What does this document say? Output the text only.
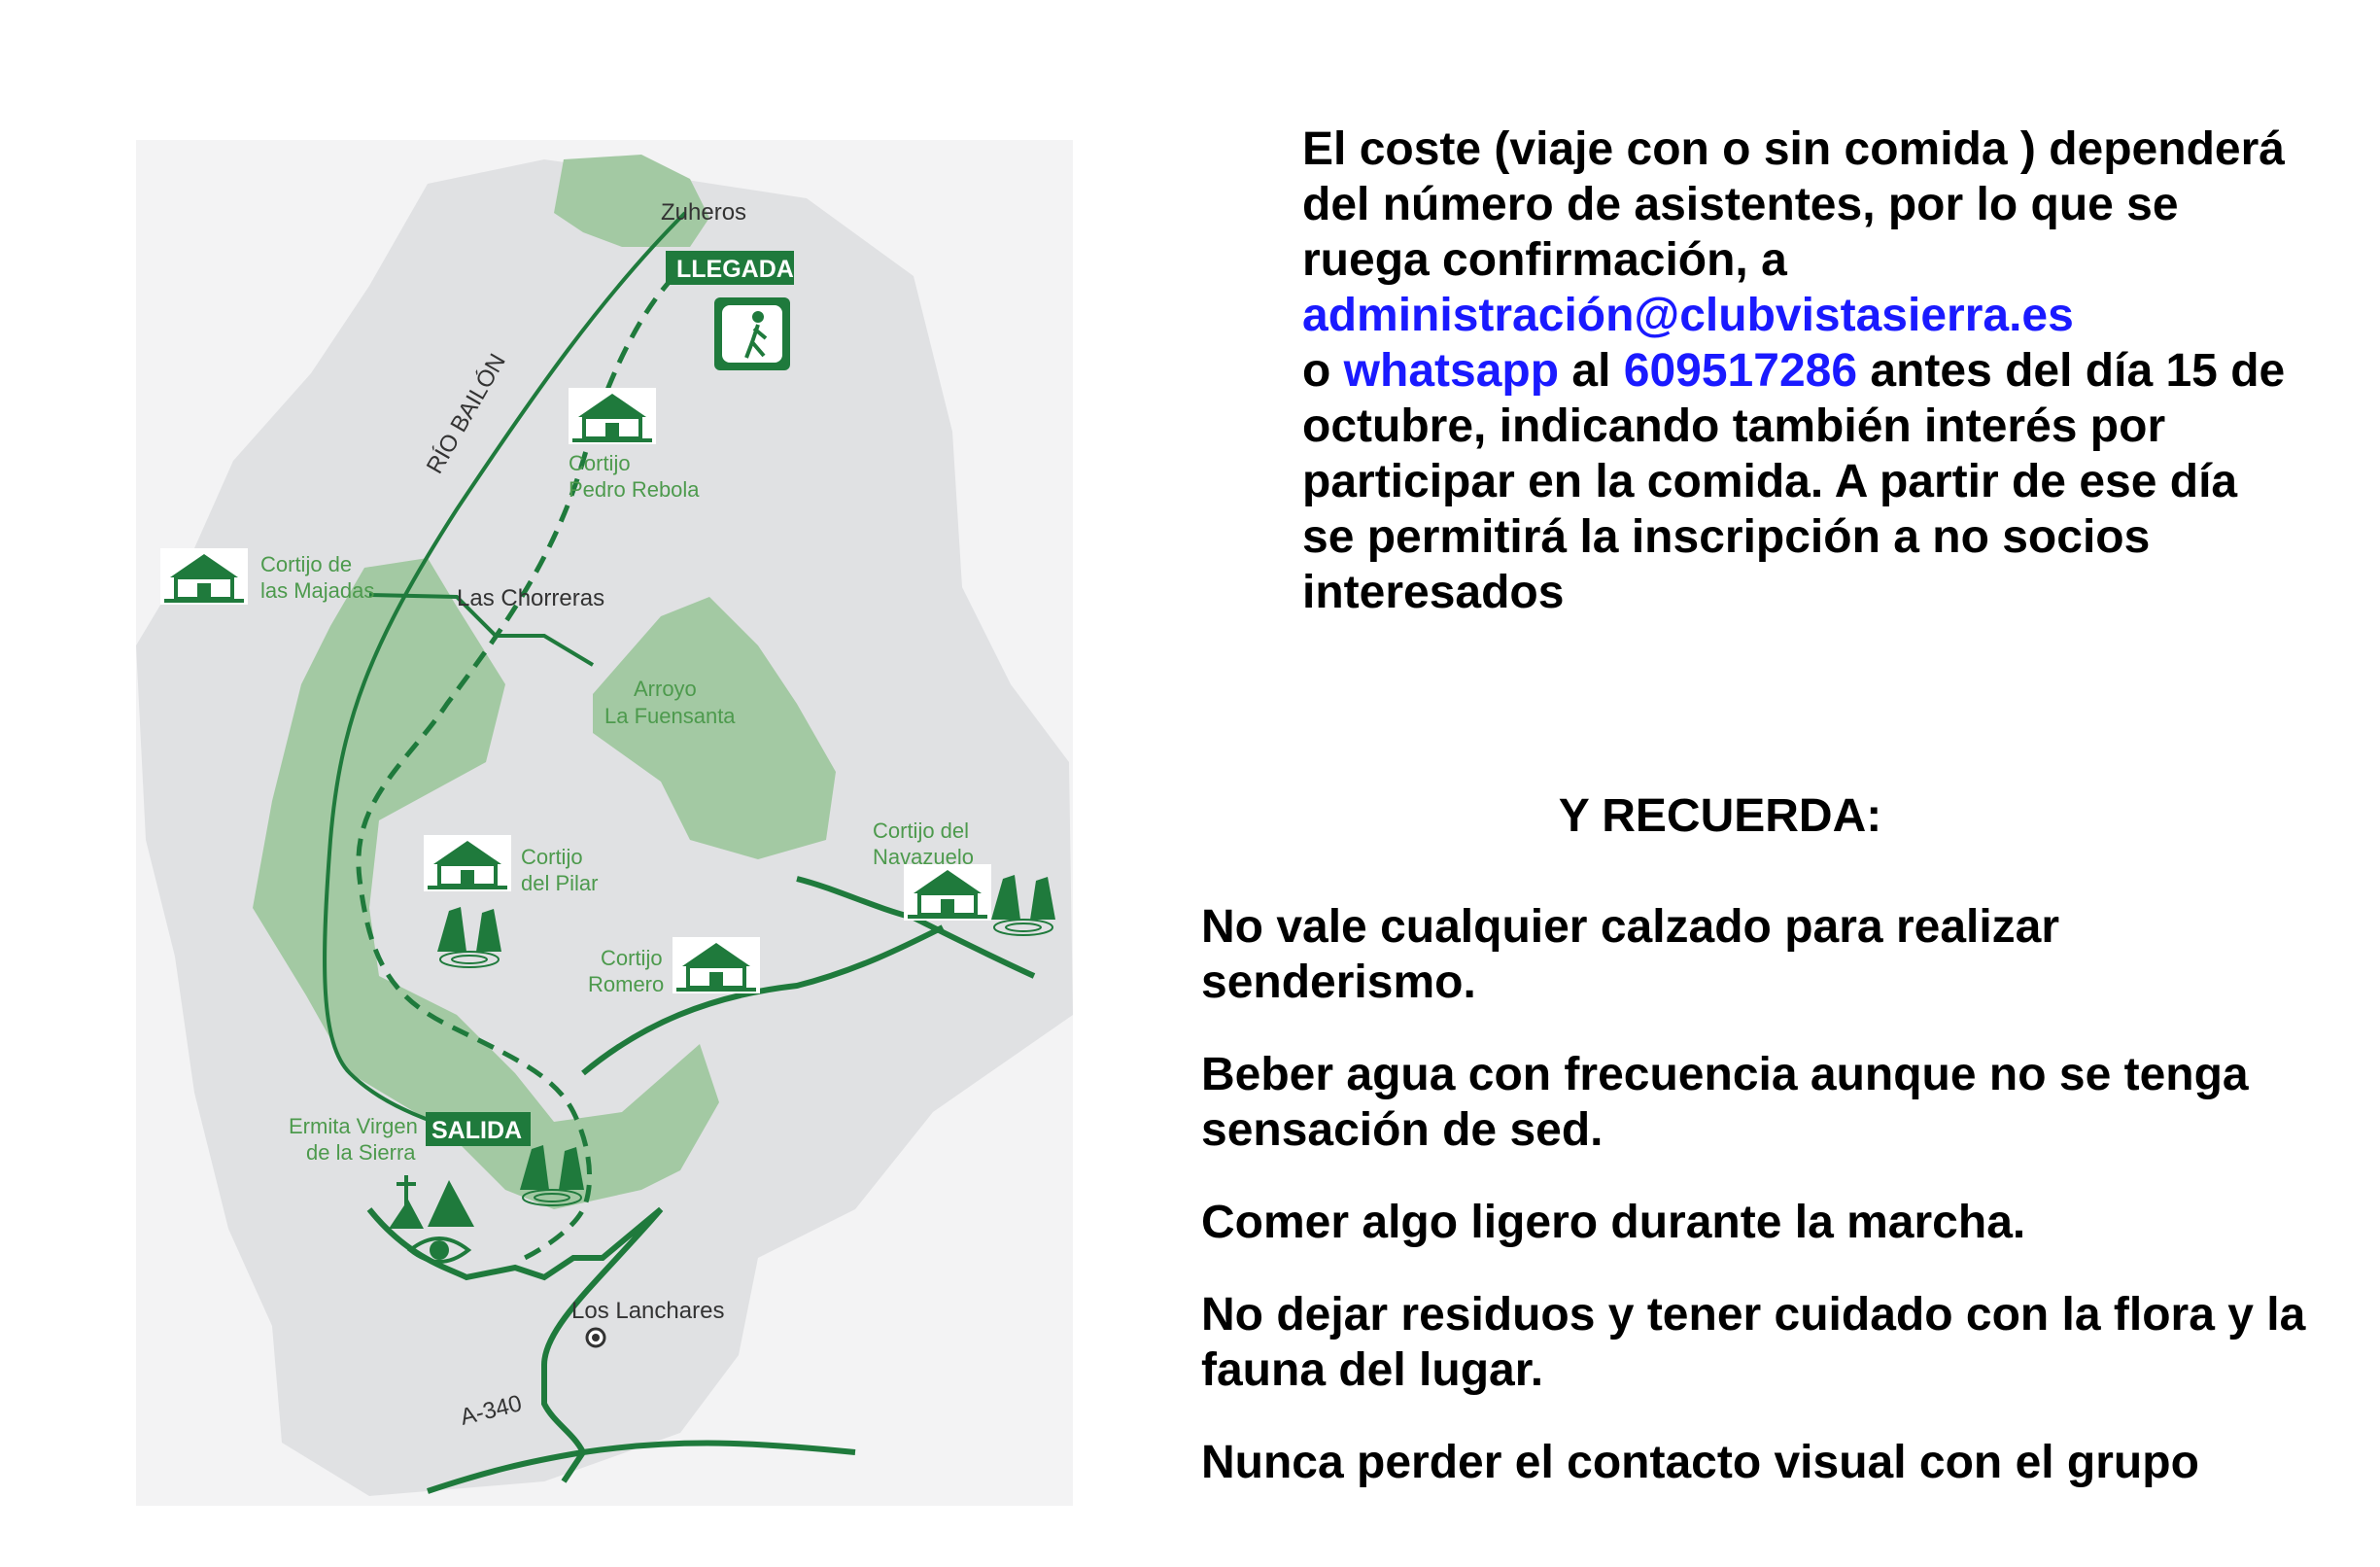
LLEGADA
SALIDA
Zuheros
RÍO BAILÓN	Cortijo
Pedro Rebola
Cortijo de
las Majadas	Las Chorreras
Arroyo
La Fuensanta
Cortijo del
Navazuelo
Cortijo
del Pilar
Cortijo
Romero
Ermita Virgen
de la Sierra
Los Lanchares
A-340
El coste (viaje con o sin comida ) dependerá del número de asistentes, por lo que se ruega confirmación, a
administración@clubvistasierra.es
o whatsapp al 609517286 antes del día 15 de octubre, indicando también interés por participar en la comida. A partir de ese día se permitirá la inscripción a no socios interesados
Y RECUERDA:
No vale cualquier calzado para realizar senderismo.
Beber agua con frecuencia aunque no se tenga sensación de sed.
Comer algo ligero durante la marcha.
No dejar residuos y tener cuidado con la flora y la fauna del lugar.
Nunca perder el contacto visual con el grupo
